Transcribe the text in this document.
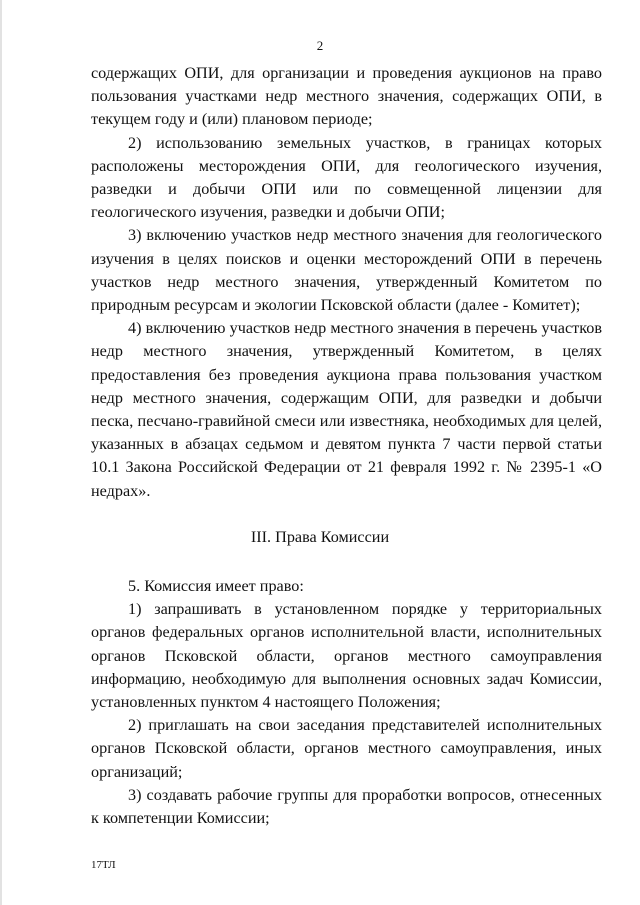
2

содержащих ОПИ, для организации и проведения аукционов на право пользования участками недр местного значения, содержащих ОПИ, в текущем году и (или) плановом периоде;

2) использованию земельных участков, в границах которых расположены месторождения ОПИ, для геологического изучения, разведки и добычи ОПИ или по совмещенной лицензии для геологического изучения, разведки и добычи ОПИ;

3) включению участков недр местного значения для геологического изучения в целях поисков и оценки месторождений ОПИ в перечень участков недр местного значения, утвержденный Комитетом по природным ресурсам и экологии Псковской области (далее - Комитет);

4) включению участков недр местного значения в перечень участков недр местного значения, утвержденный Комитетом, в целях предоставления без проведения аукциона права пользования участком недр местного значения, содержащим ОПИ, для разведки и добычи песка, песчано-гравийной смеси или известняка, необходимых для целей, указанных в абзацах седьмом и девятом пункта 7 части первой статьи 10.1 Закона Российской Федерации от 21 февраля 1992 г. № 2395-1 «О недрах».

III. Права Комиссии

5. Комиссия имеет право:

1) запрашивать в установленном порядке у территориальных органов федеральных органов исполнительной власти, исполнительных органов Псковской области, органов местного самоуправления информацию, необходимую для выполнения основных задач Комиссии, установленных пунктом 4 настоящего Положения;

2) приглашать на свои заседания представителей исполнительных органов Псковской области, органов местного самоуправления, иных организаций;

3) создавать рабочие группы для проработки вопросов, отнесенных к компетенции Комиссии;

17ТЛ
